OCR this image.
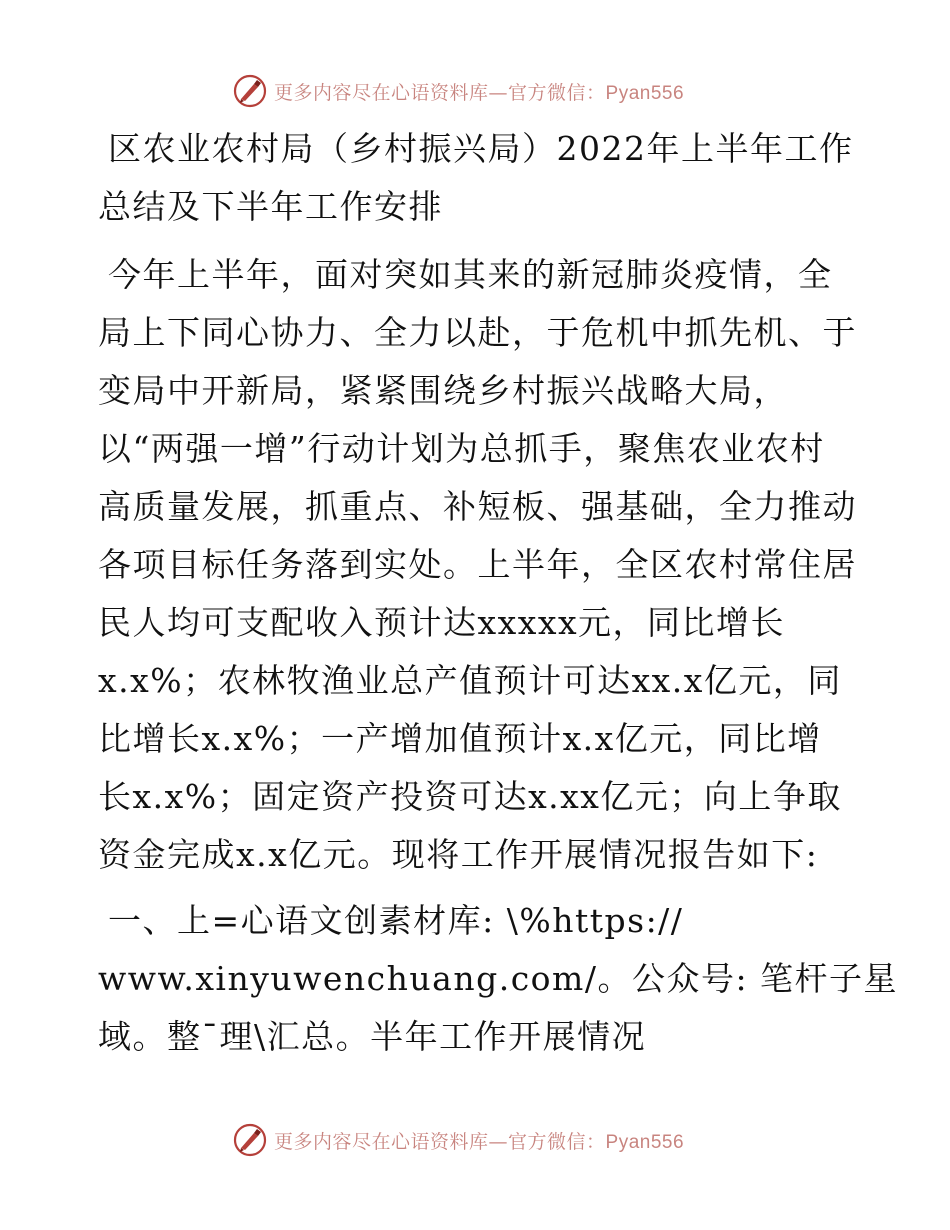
更多内容尽在心语资料库—官方微信：Pyan556

区农业农村局（乡村振兴局）2022年上半年工作
总结及下半年工作安排

今年上半年，面对突如其来的新冠肺炎疫情，全
局上下同心协力、全力以赴，于危机中抓先机、于
变局中开新局，紧紧围绕乡村振兴战略大局，
以“两强一增”行动计划为总抓手，聚焦农业农村
高质量发展，抓重点、补短板、强基础，全力推动
各项目标任务落到实处。上半年，全区农村常住居
民人均可支配收入预计达xxxxx元，同比增长
x.x%；农林牧渔业总产值预计可达xx.x亿元，同
比增长x.x%；一产增加值预计x.x亿元，同比增
长x.x%；固定资产投资可达x.xx亿元；向上争取
资金完成x.x亿元。现将工作开展情况报告如下:

一、上=心语文创素材库: \%https://
www.xinyuwenchuang.com/。公众号: 笔杆子星
域。整¯理\汇总。半年工作开展情况

更多内容尽在心语资料库—官方微信：Pyan556
